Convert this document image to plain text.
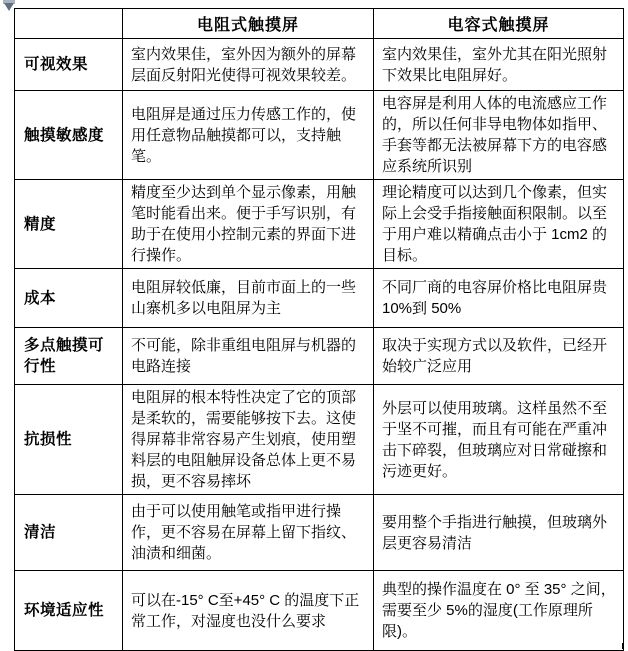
	电阻式触摸屏	电容式触摸屏
可视效果	室内效果佳，室外因为额外的屏幕层面反射阳光使得可视效果较差。	室内效果佳，室外尤其在阳光照射下效果比电阻屏好。
触摸敏感度	电阻屏是通过压力传感工作的，使用任意物品触摸都可以，支持触笔。	电容屏是利用人体的电流感应工作的，所以任何非导电物体如指甲、手套等都无法被屏幕下方的电容感应系统所识别
精度	精度至少达到单个显示像素，用触笔时能看出来。便于手写识别，有助于在使用小控制元素的界面下进行操作。	理论精度可以达到几个像素，但实际上会受手指接触面积限制。以至于用户难以精确点击小于 1cm2 的目标。
成本	电阻屏较低廉，目前市面上的一些山寨机多以电阻屏为主	不同厂商的电容屏价格比电阻屏贵10%到 50%
多点触摸可行性	不可能，除非重组电阻屏与机器的电路连接	取决于实现方式以及软件，已经开始较广泛应用
抗损性	电阻屏的根本特性决定了它的顶部是柔软的，需要能够按下去。这使得屏幕非常容易产生划痕，使用塑料层的电阻触屏设备总体上更不易损，更不容易摔坏	外层可以使用玻璃。这样虽然不至于坚不可摧，而且有可能在严重冲击下碎裂，但玻璃应对日常碰擦和污迹更好。
清洁	由于可以使用触笔或指甲进行操作，更不容易在屏幕上留下指纹、油渍和细菌。	要用整个手指进行触摸，但玻璃外层更容易清洁
环境适应性	可以在-15° C至+45° C 的温度下正常工作，对湿度也没什么要求	典型的操作温度在 0° 至 35° 之间，需要至少 5%的湿度(工作原理所限)。
